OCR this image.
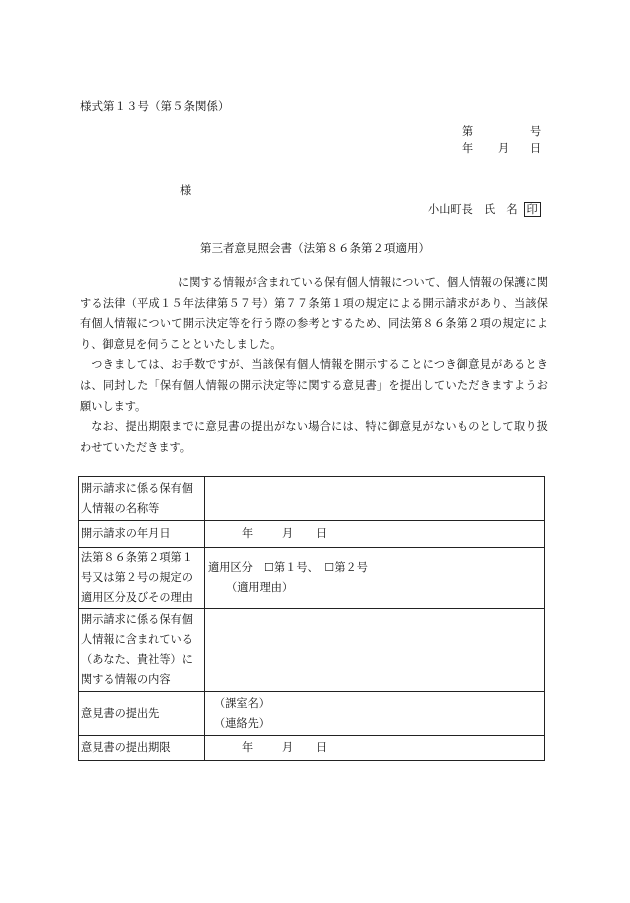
様式第１３号（第５条関係）
第	号
年 月 日
様
小山町長　氏　名 印
第三者意見照会書（法第８６条第２項適用）

に関する情報が含まれている保有個人情報について、個人情報の保護に関する法律（平成１５年法律第５７号）第７７条第１項の規定による開示請求があり、当該保有個人情報について開示決定等を行う際の参考とするため、同法第８６条第２項の規定により、御意見を伺うことといたしました。

つきましては、お手数ですが、当該保有個人情報を開示することにつき御意見があるときは、同封した「保有個人情報の開示決定等に関する意見書」を提出していただきますようお願いします。

なお、提出期限までに意見書の提出がない場合には、特に御意見がないものとして取り扱わせていただきます。

開示請求に係る保有個人情報の名称等	
開示請求の年月日	年 月 日
法第８６条第２項第１号又は第２号の規定の適用区分及びその理由	適用区分　☐第１号、　☐第２号
（適用理由）

開示請求に係る保有個人情報に含まれている（あなた、貴社等）に関する情報の内容	
意見書の提出先	（課室名）
（連絡先）

意見書の提出期限	年 月 日
